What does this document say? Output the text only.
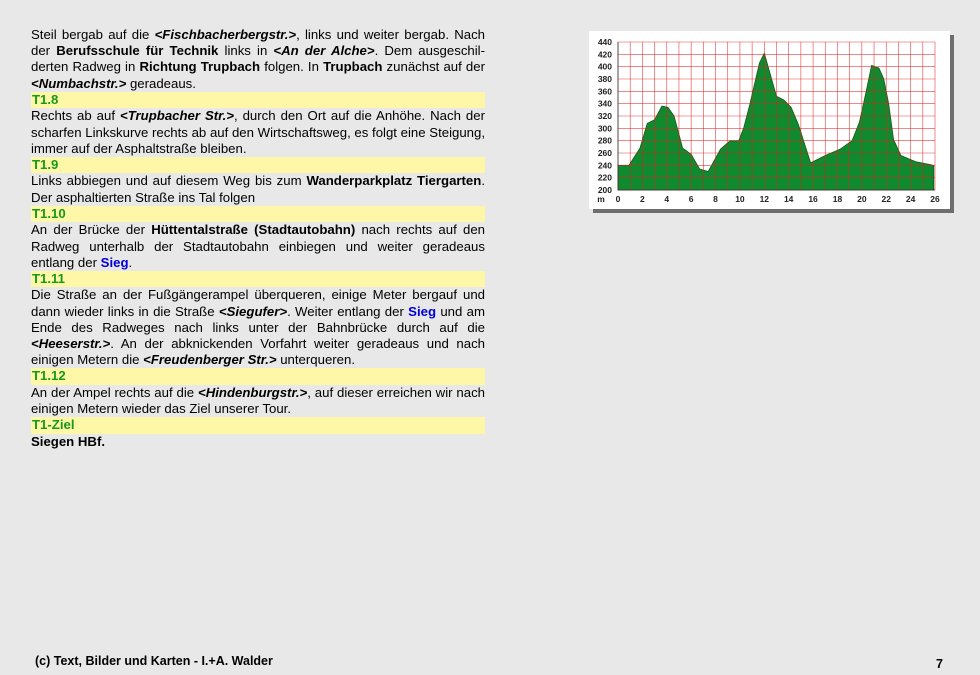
Steil bergab auf die <Fischbacherbergstr.>, links und weiter bergab. Nach der Berufsschule für Technik links in <An der Alche>. Dem ausgeschil-derten Radweg in Richtung Trupbach folgen. In Trupbach zunächst auf der <Numbachstr.> geradeaus.

T1.8

Rechts ab auf <Trupbacher Str.>, durch den Ort auf die Anhöhe. Nach der scharfen Linkskurve rechts ab auf den Wirtschaftsweg, es folgt eine Steigung, immer auf der Asphaltstraße bleiben.

T1.9

Links abbiegen und auf diesem Weg bis zum Wanderparkplatz Tiergarten. Der asphaltierten Straße ins Tal folgen

T1.10

An der Brücke der Hüttentalstraße (Stadtautobahn) nach rechts auf den Radweg unterhalb der Stadtautobahn einbiegen und weiter geradeaus entlang der Sieg.

T1.11

Die Straße an der Fußgängerampel überqueren, einige Meter bergauf und dann wieder links in die Straße <Siegufer>. Weiter entlang der Sieg und am Ende des Radweges nach links unter der Bahnbrücke durch auf die <Heeserstr.>. An der abknickenden Vorfahrt weiter geradeaus und nach einigen Metern die <Freudenberger Str.> unterqueren.

T1.12

An der Ampel rechts auf die <Hindenburgstr.>, auf dieser erreichen wir nach einigen Metern wieder das Ziel unserer Tour.

T1-Ziel

Siegen HBf.

440
420
400
380
360
340
320
300
280
260
240
220
200
0 2 4 6 8 10 12 14 16 18 20 22 24 26
m
(c) Text, Bilder und Karten - I.+A. Walder	7
